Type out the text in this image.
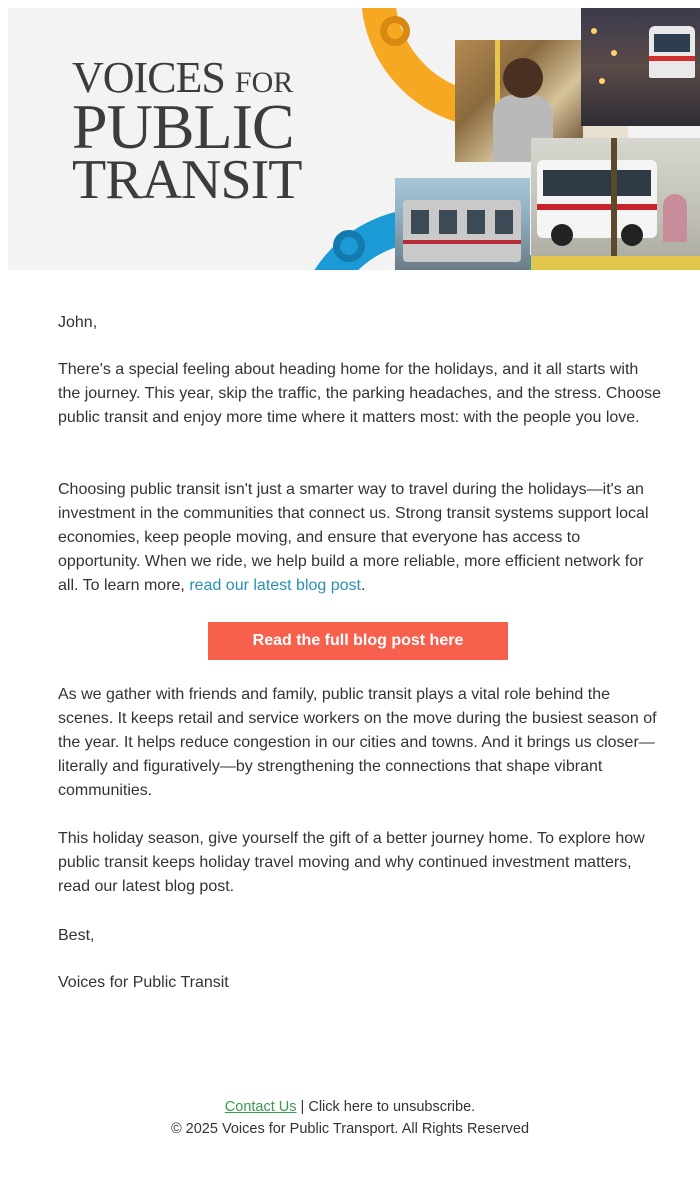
VOICES FOR
PUBLIC
TRANSIT

John,

There's a special feeling about heading home for the holidays, and it all starts with the journey. This year, skip the traffic, the parking headaches, and the stress. Choose public transit and enjoy more time where it matters most: with the people you love.

Choosing public transit isn't just a smarter way to travel during the holidays—it's an investment in the communities that connect us. Strong transit systems support local economies, keep people moving, and ensure that everyone has access to opportunity. When we ride, we help build a more reliable, more efficient network for all. To learn more, read our latest blog post.

Read the full blog post here

As we gather with friends and family, public transit plays a vital role behind the scenes. It keeps retail and service workers on the move during the busiest season of the year. It helps reduce congestion in our cities and towns. And it brings us closer—literally and figuratively—by strengthening the connections that shape vibrant communities.

This holiday season, give yourself the gift of a better journey home. To explore how public transit keeps holiday travel moving and why continued investment matters, read our latest blog post.

Best,

Voices for Public Transit

Contact Us | Click here to unsubscribe.
© 2025 Voices for Public Transport. All Rights Reserved
